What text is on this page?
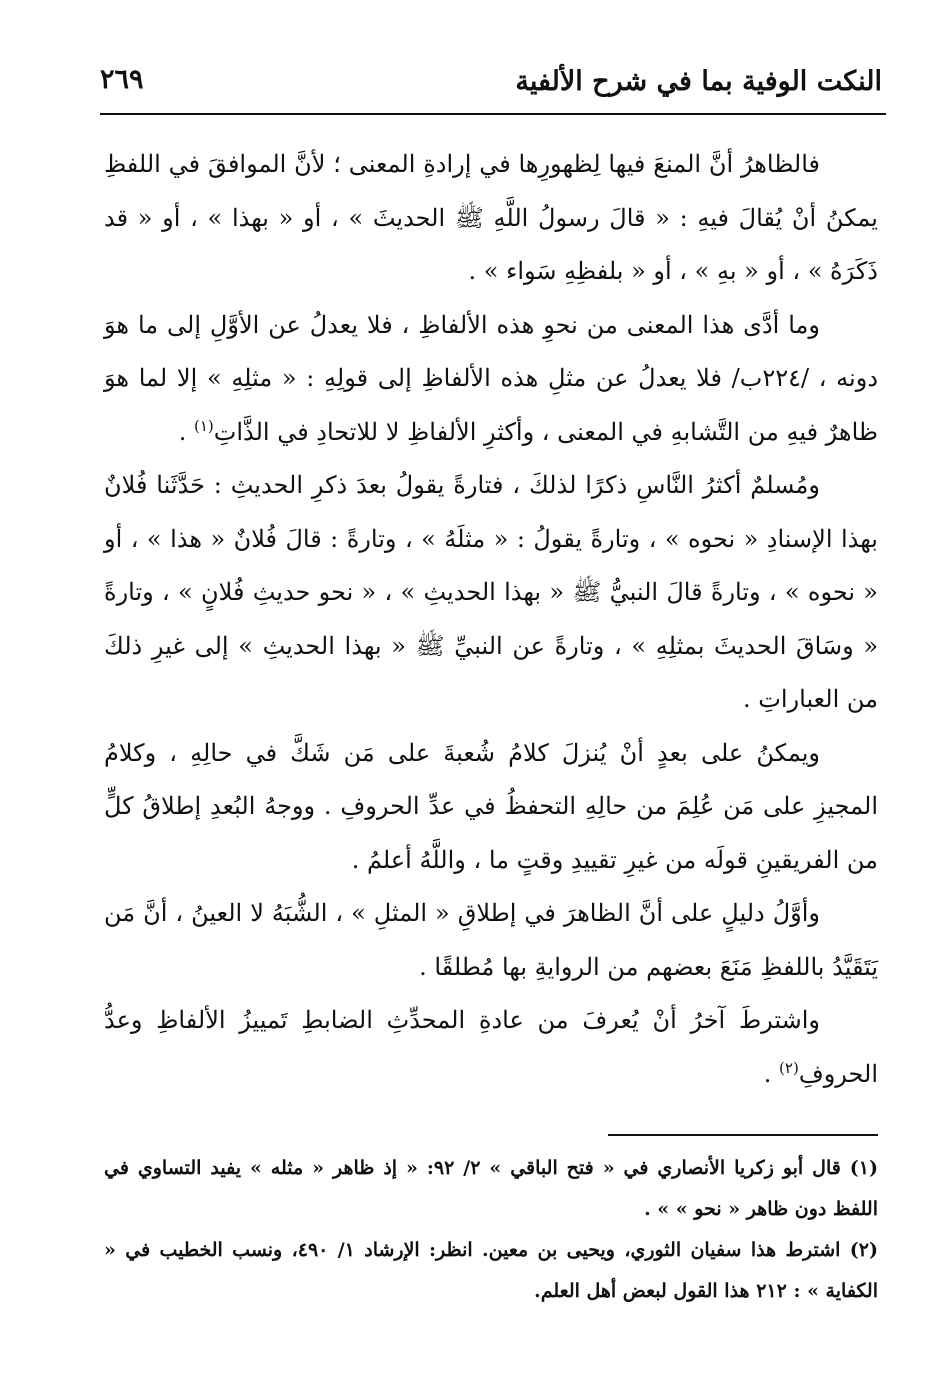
النكت الوفية بما في شرح الألفية
٢٦٩

فالظاهرُ أنَّ المنعَ فيها لِظهورِها في إرادةِ المعنى ؛ لأنَّ الموافقَ في اللفظِ يمكنُ أنْ يُقالَ فيهِ : « قالَ رسولُ اللَّهِ ﷺ الحديثَ » ، أو « بهذا » ، أو « قد ذَكَرَهُ » ، أو « بهِ » ، أو « بلفظِهِ سَواء » .

وما أدَّى هذا المعنى من نحوِ هذه الألفاظِ ، فلا يعدلُ عن الأوَّلِ إلى ما هوَ دونه ، /٢٢٤ب/ فلا يعدلُ عن مثلِ هذه الألفاظِ إلى قولِهِ : « مثلِهِ » إلا لما هوَ ظاهرٌ فيهِ من التَّشابهِ في المعنى ، وأكثرِ الألفاظِ لا للاتحادِ في الذَّاتِ$^{(١)}$ .

ومُسلمٌ أكثرُ النَّاسِ ذكرًا لذلكَ ، فتارةً يقولُ بعدَ ذكرِ الحديثِ : حَدَّثَنا فُلانٌ بهذا الإسنادِ « نحوه » ، وتارةً يقولُ : « مثلَهُ » ، وتارةً : قالَ فُلانٌ « هذا » ، أو « نحوه » ، وتارةً قالَ النبيُّ ﷺ « بهذا الحديثِ » ، « نحو حديثِ فُلانٍ » ، وتارةً « وسَاقَ الحديثَ بمثلِهِ » ، وتارةً عن النبيِّ ﷺ « بهذا الحديثِ » إلى غيرِ ذلكَ من العباراتِ .

ويمكنُ على بعدٍ أنْ يُنزلَ كلامُ شُعبةَ على مَن شَكَّ في حالِهِ ، وكلامُ المجيزِ على مَن عُلِمَ من حالِهِ التحفظُ في عدِّ الحروفِ . ووجهُ البُعدِ إطلاقُ كلٍّ من الفريقينِ قولَه من غيرِ تقييدِ وقتٍ ما ، واللَّهُ أعلمُ .

وأوَّلُ دليلٍ على أنَّ الظاهرَ في إطلاقِ « المثلِ » ، الشُّبَهُ لا العينُ ، أنَّ مَن يَتَقَيَّدُ باللفظِ مَنَعَ بعضهم من الروايةِ بها مُطلقًا .

واشترطَ آخرُ أنْ يُعرفَ من عادةِ المحدِّثِ الضابطِ تَمييزُ الألفاظِ وعدُّ الحروفِ$^{(٢)}$ .

(١) قال أبو زكريا الأنصاري في « فتح الباقي » ٢/ ٩٢: « إذ ظاهر « مثله » يفيد التساوي في اللفظ دون ظاهر « نحو » » .

(٢) اشترط هذا سفيان الثوري، ويحيى بن معين. انظر: الإرشاد ١/ ٤٩٠، ونسب الخطيب في « الكفاية » : ٢١٢ هذا القول لبعض أهل العلم.
